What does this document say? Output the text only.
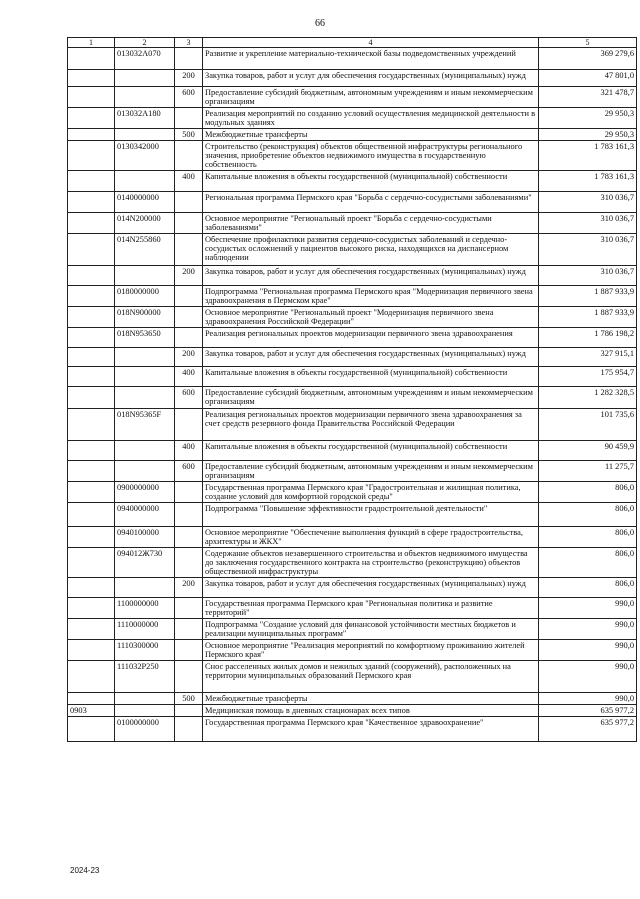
66
1	2	3	4	5
	013032A070		Развитие и укрепление материально-технической базы подведомственных учреждений	369 279,6
		200	Закупка товаров, работ и услуг для обеспечения государственных (муниципальных) нужд	47 801,0
		600	Предоставление субсидий бюджетным, автономным учреждениям и иным некоммерческим организациям	321 478,7
	013032A180		Реализация мероприятий по созданию условий осуществления медицинской деятельности в модульных зданиях	29 950,3
		500	Межбюджетные трансферты	29 950,3
	0130342000		Строительство (реконструкция) объектов общественной инфраструктуры регионального значения, приобретение объектов недвижимого имущества в государственную собственность	1 783 161,3
		400	Капитальные вложения в объекты государственной (муниципальной) собственности	1 783 161,3
	0140000000		Региональная программа Пермского края "Борьба с сердечно-сосудистыми заболеваниями"	310 036,7
	014N200000		Основное мероприятие "Региональный проект "Борьба с сердечно-сосудистыми заболеваниями"	310 036,7
	014N255860		Обеспечение профилактики развития сердечно-сосудистых заболеваний и сердечно-сосудистых осложнений у пациентов высокого риска, находящихся на диспансерном наблюдении	310 036,7
		200	Закупка товаров, работ и услуг для обеспечения государственных (муниципальных) нужд	310 036,7
	0180000000		Подпрограмма "Региональная программа Пермского края "Модернизация первичного звена здравоохранения в Пермском крае"	1 887 933,9
	018N900000		Основное мероприятие "Региональный проект "Модернизация первичного звена здравоохранения Российской Федерации"	1 887 933,9
	018N953650		Реализация региональных проектов модернизации первичного звена здравоохранения	1 786 198,2
		200	Закупка товаров, работ и услуг для обеспечения государственных (муниципальных) нужд	327 915,1
		400	Капитальные вложения в объекты государственной (муниципальной) собственности	175 954,7
		600	Предоставление субсидий бюджетным, автономным учреждениям и иным некоммерческим организациям	1 282 328,5
	018N95365F		Реализация региональных проектов модернизации первичного звена здравоохранения за счет средств резервного фонда Правительства Российской Федерации	101 735,6
		400	Капитальные вложения в объекты государственной (муниципальной) собственности	90 459,9
		600	Предоставление субсидий бюджетным, автономным учреждениям и иным некоммерческим организациям	11 275,7
	0900000000		Государственная программа Пермского края "Градостроительная и жилищная политика, создание условий для комфортной городской среды"	806,0
	0940000000		Подпрограмма "Повышение эффективности градостроительной деятельности"	806,0
	0940100000		Основное мероприятие "Обеспечение выполнения функций в сфере градостроительства, архитектуры и ЖКХ"	806,0
	094012Ж730		Содержание объектов незавершенного строительства и объектов недвижимого имущества до заключения государственного контракта на строительство (реконструкцию) объектов общественной инфраструктуры	806,0
		200	Закупка товаров, работ и услуг для обеспечения государственных (муниципальных) нужд	806,0
	1100000000		Государственная программа Пермского края "Региональная политика и развитие территорий"	990,0
	1110000000		Подпрограмма "Создание условий для финансовой устойчивости местных бюджетов и реализации муниципальных программ"	990,0
	1110300000		Основное мероприятие "Реализация мероприятий по комфортному проживанию жителей Пермского края"	990,0
	111032P250		Снос расселенных жилых домов и нежилых зданий (сооружений), расположенных на территории муниципальных образований Пермского края	990,0
		500	Межбюджетные трансферты	990,0
0903			Медицинская помощь в дневных стационарах всех типов	635 977,2
	0100000000		Государственная программа Пермского края "Качественное здравоохранение"	635 977,2
2024-23
